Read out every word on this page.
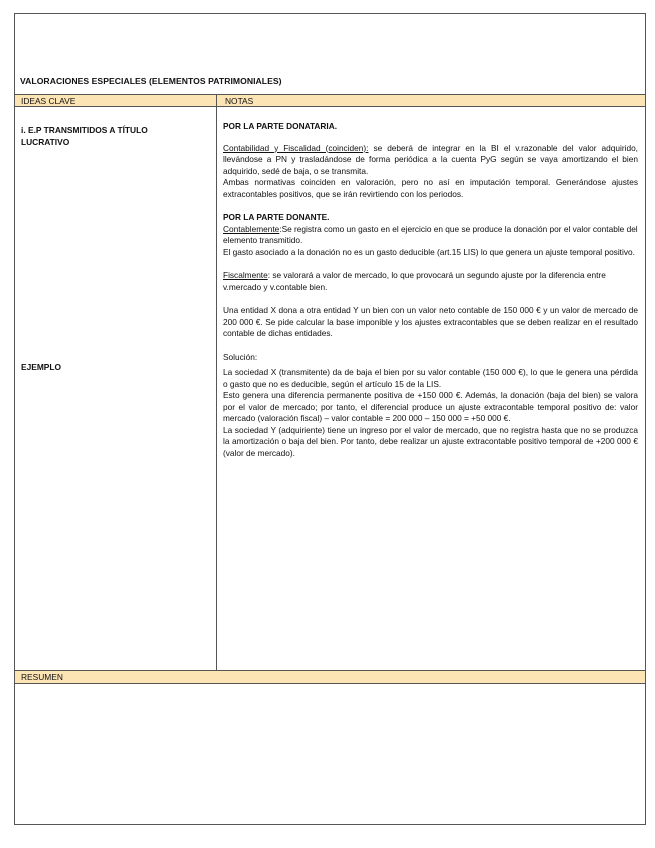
VALORACIONES ESPECIALES (ELEMENTOS PATRIMONIALES)
IDEAS CLAVE	NOTAS
i. E.P TRANSMITIDOS A TÍTULO LUCRATIVO
EJEMPLO

POR LA PARTE DONATARIA.

Contabilidad y Fiscalidad (coinciden): se deberá de integrar en la BI el v.razonable del valor adquirido, llevándose a PN y trasladándose de forma periódica a la cuenta PyG según se vaya amortizando el bien adquirido, sedé de baja, o se transmita.

Ambas normativas coinciden en valoración, pero no así en imputación temporal. Generándose ajustes extracontables positivos, que se irán revirtiendo con los periodos.

POR LA PARTE DONANTE.

Contablemente:Se registra como un gasto en el ejercicio en que se produce la donación por el valor contable del elemento transmitido.

El gasto asociado a la donación no es un gasto deducible (art.15 LIS) lo que genera un ajuste temporal positivo.

Fiscalmente: se valorará a valor de mercado, lo que provocará un segundo ajuste por la diferencia entre v.mercado y v.contable bien.

Una entidad X dona a otra entidad Y un bien con un valor neto contable de 150 000 € y un valor de mercado de 200 000 €. Se pide calcular la base imponible y los ajustes extracontables que se deben realizar en el resultado contable de dichas entidades.

Solución:

La sociedad X (transmitente) da de baja el bien por su valor contable (150 000 €), lo que le genera una pérdida o gasto que no es deducible, según el artículo 15 de la LIS.

Esto genera una diferencia permanente positiva de +150 000 €. Además, la donación (baja del bien) se valora por el valor de mercado; por tanto, el diferencial produce un ajuste extracontable temporal positivo de: valor mercado (valoración fiscal) – valor contable = 200 000 – 150 000 = +50 000 €.

La sociedad Y (adquiriente) tiene un ingreso por el valor de mercado, que no registra hasta que no se produzca la amortización o baja del bien. Por tanto, debe realizar un ajuste extracontable positivo temporal de +200 000 € (valor de mercado).

RESUMEN
